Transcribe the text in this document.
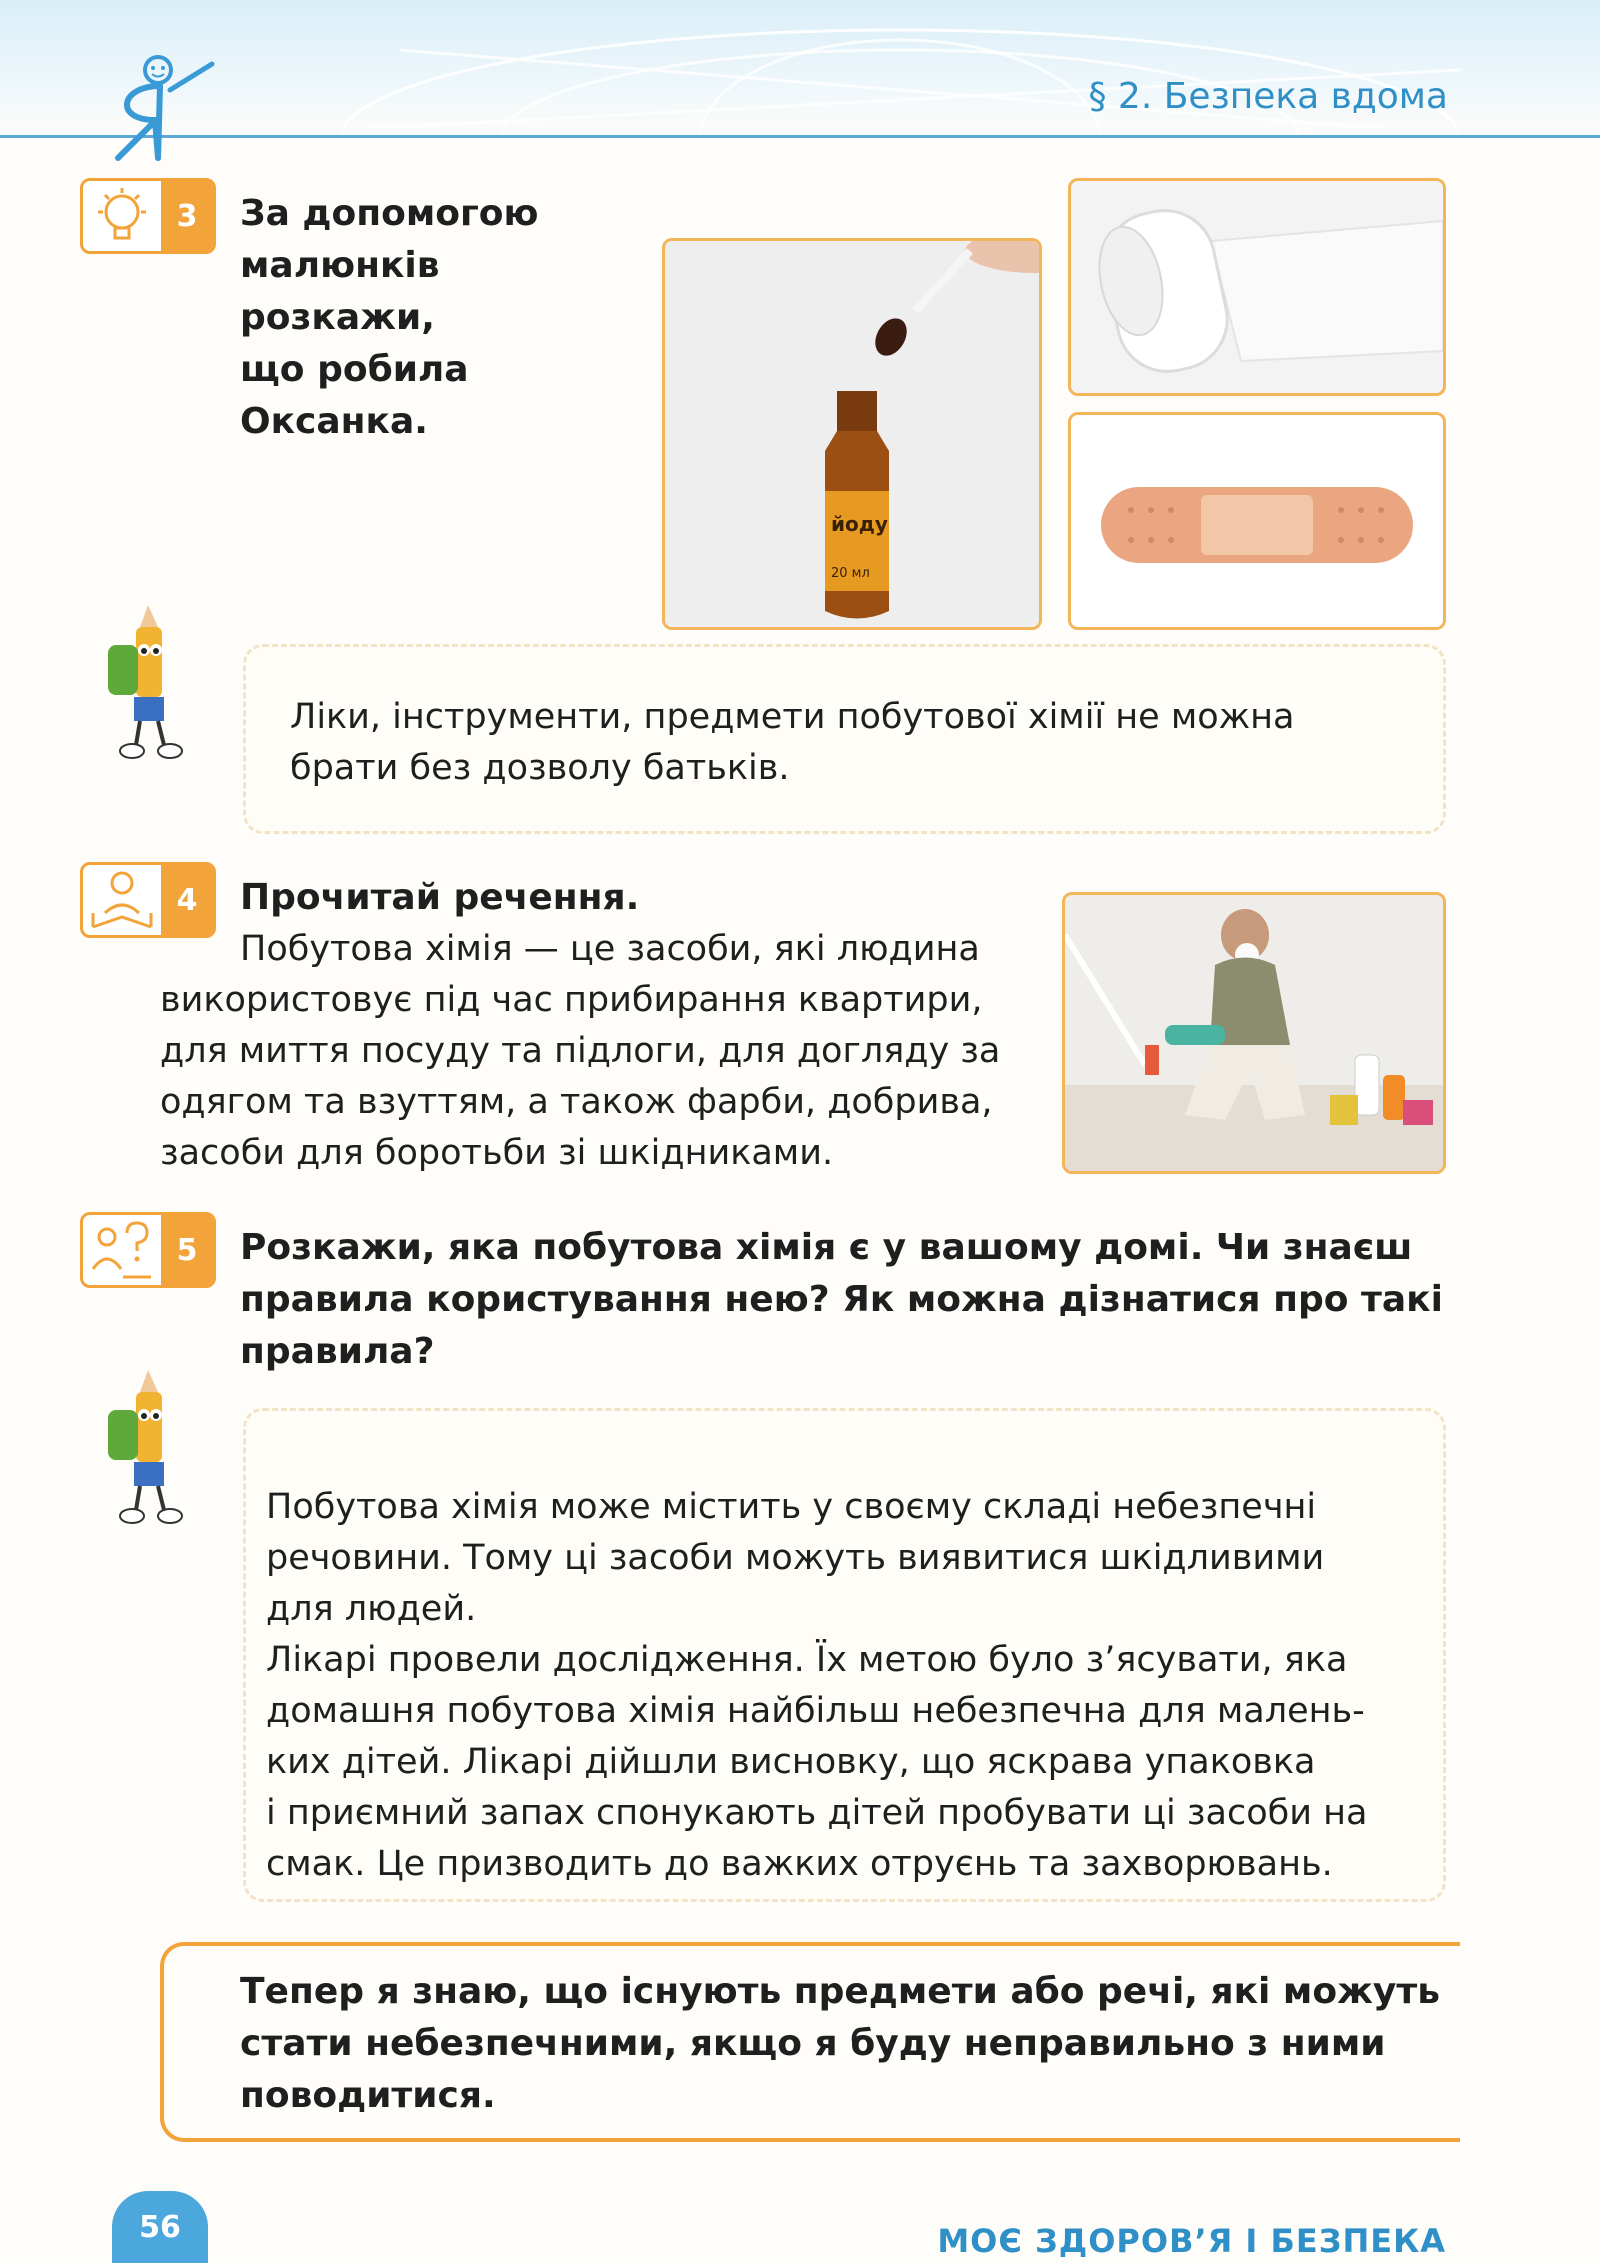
§ 2. Безпека вдома
3	За допомогою
малюнків
розкажи,
що робила
Оксанка.
йоду
20 мл
Ліки, інструменти, предмети побутової хімії не можна
брати без дозволу батьків.
4	Прочитай речення.
Побутова хімія — це засоби, які людина
використовує під час прибирання квартири,
для миття посуду та підлоги, для догляду за
одягом та взуттям, а також фарби, добрива,
засоби для боротьби зі шкідниками.
5	Розкажи, яка побутова хімія є у вашому домі. Чи знаєш
правила користування нею? Як можна дізнатися про такі
правила?
Побутова хімія може містить у своєму складі небезпечні
речовини. Тому ці засоби можуть виявитися шкідливими
для людей.
Лікарі провели дослідження. Їх метою було з’ясувати, яка
домашня побутова хімія найбільш небезпечна для малень-
ких дітей. Лікарі дійшли висновку, що яскрава упаковка
і приємний запах спонукають дітей пробувати ці засоби на
смак. Це призводить до важких отруєнь та захворювань.
Тепер я знаю, що існують предмети або речі, які можуть
стати небезпечними, якщо я буду неправильно з ними
поводитися.
56	МОЄ ЗДОРОВ’Я І БЕЗПЕКА
